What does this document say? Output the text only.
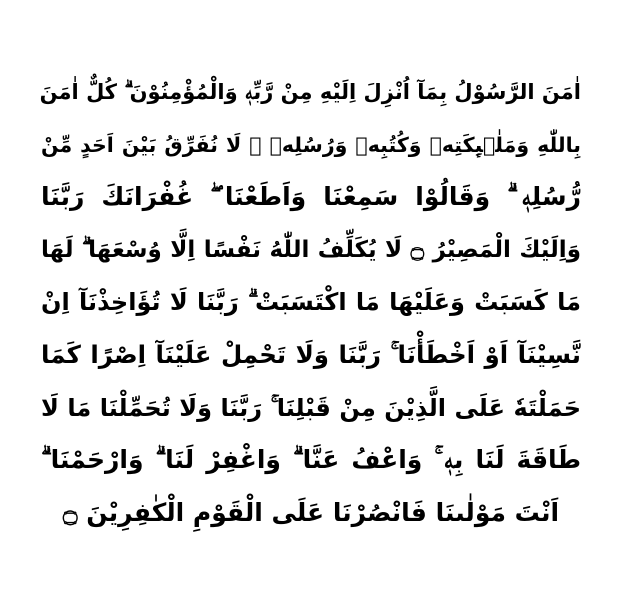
اٰمَنَ الرَّسُوْلُ بِمَآ اُنْزِلَ اِلَيْهِ مِنْ رَّبِّهٖ وَالْمُؤْمِنُوْنَ ۗ كُلٌّ اٰمَنَ
بِاللّٰهِ وَمَلٰۤىِٕكَتِهٖ وَكُتُبِهٖ وَرُسُلِهٖ ۗ لَا نُفَرِّقُ بَيْنَ اَحَدٍ مِّنْ
رُّسُلِهٖ ۗ وَقَالُوْا سَمِعْنَا وَاَطَعْنَا ۖ غُفْرَانَكَ رَبَّنَا
وَاِلَيْكَ الْمَصِيْرُ ۝ لَا يُكَلِّفُ اللّٰهُ نَفْسًا اِلَّا وُسْعَهَا ۗ لَهَا
مَا كَسَبَتْ وَعَلَيْهَا مَا اكْتَسَبَتْ ۗ رَبَّنَا لَا تُؤَاخِذْنَآ اِنْ
نَّسِيْنَآ اَوْ اَخْطَأْنَا ۚ رَبَّنَا وَلَا تَحْمِلْ عَلَيْنَآ اِصْرًا كَمَا
حَمَلْتَهٗ عَلَى الَّذِيْنَ مِنْ قَبْلِنَا ۚ رَبَّنَا وَلَا تُحَمِّلْنَا مَا لَا
طَاقَةَ لَنَا بِهٖ ۚ وَاعْفُ عَنَّا ۗ وَاغْفِرْ لَنَا ۗ وَارْحَمْنَا ۗ
اَنْتَ مَوْلٰىنَا فَانْصُرْنَا عَلَى الْقَوْمِ الْكٰفِرِيْنَ ۝
